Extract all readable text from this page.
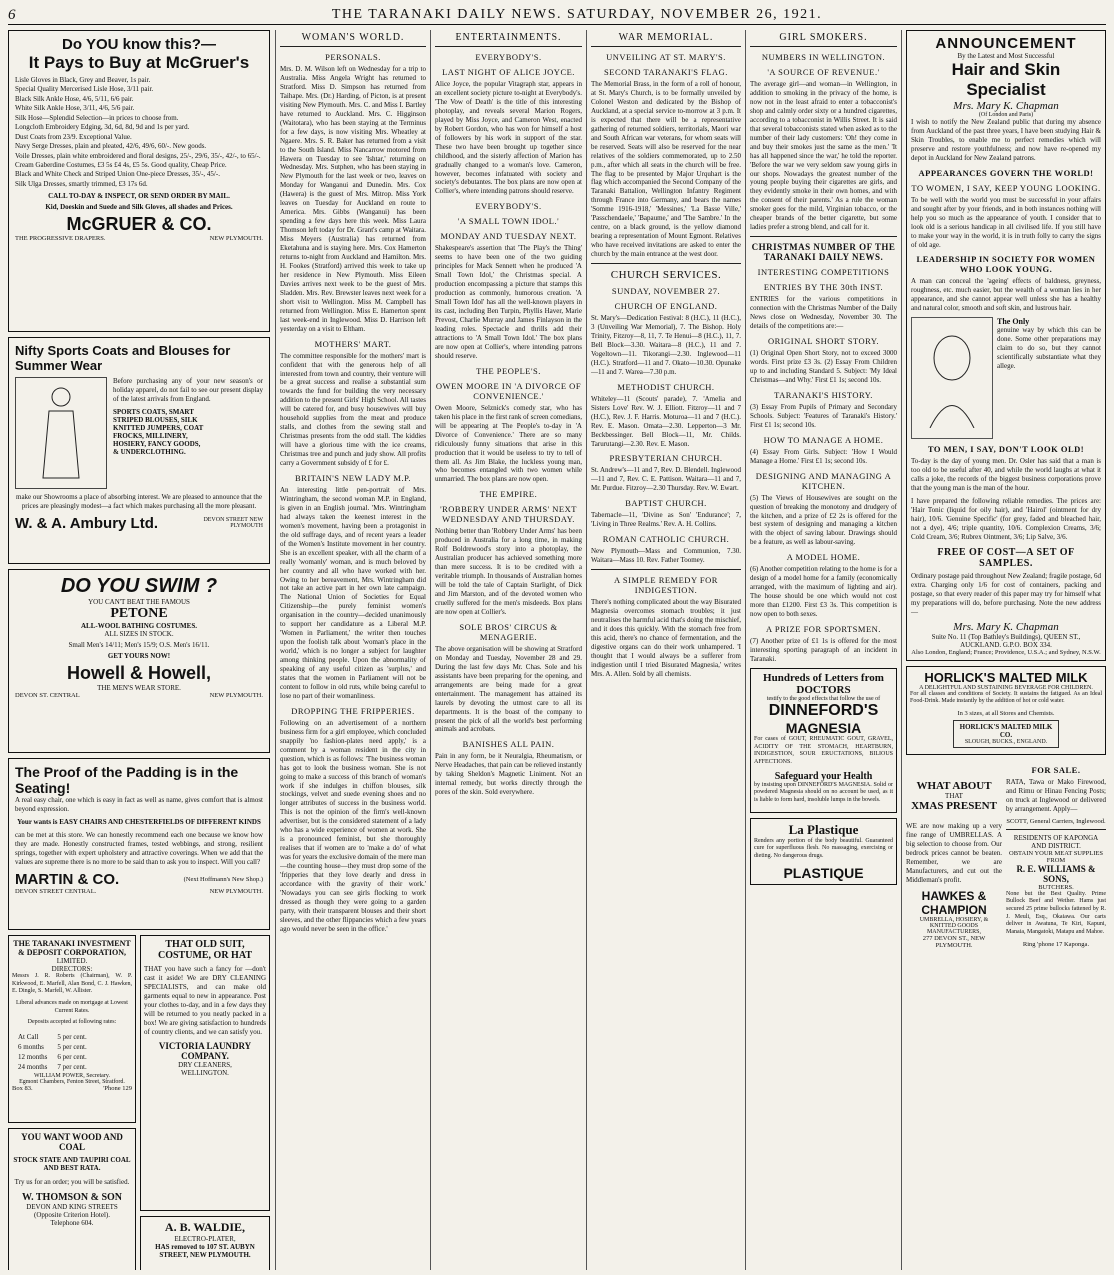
6	THE TARANAKI DAILY NEWS. SATURDAY, NOVEMBER 26, 1921.
Do YOU know this?—
It Pays to Buy at McGruer's
Lisle Gloves in Black, Grey and Beaver, 1s pair.
Special Quality Mercerised Lisle Hose, 3/11 pair.
Black Silk Ankle Hose, 4/6, 5/11, 6/6 pair.
White Silk Ankle Hose, 3/11, 4/6, 5/6 pair.
Silk Hose—Splendid Selection—in prices to choose from.
Longcloth Embroidery Edging, 3d, 6d, 8d, 9d and 1s per yard.
Dust Coats from 23/9. Exceptional Value.
Navy Serge Dresses, plain and pleated, 42/6, 49/6, 60/-. New goods.
Voile Dresses, plain white embroidered and floral designs, 25/-, 29/6, 35/-, 42/-, to 65/-.
Cream Gaberdine Costumes, £3 5s £4 4s, £5 5s. Good quality, Cheap Price.
Black and White Check and Striped Union One-piece Dresses, 35/-, 45/-.
Silk Ulga Dresses, smartly trimmed, £3 17s 6d.
CALL TO-DAY & INSPECT, OR SEND ORDER BY MAIL.
Kid, Doeskin and Suede and Silk Gloves, all shades and Prices.
McGRUER & CO.
THE PROGRESSIVE DRAPERS.	NEW PLYMOUTH.
Nifty Sports Coats and Blouses for Summer Wear

Before purchasing any of your new season's or holiday apparel, do not fail to see our present display of the latest arrivals from England.

SPORTS COATS, SMART
STRIPED BLOUSES, SILK
KNITTED JUMPERS, COAT
FROCKS, MILLINERY,
HOSIERY, FANCY GOODS,
& UNDERCLOTHING.

make our Showrooms a place of absorbing interest. We are pleased to announce that the prices are pleasingly modest—a fact which makes purchasing all the more pleasant.

W. & A. Ambury Ltd.	DEVON STREET NEW PLYMOUTH
DO YOU SWIM ?
YOU CAN'T BEAT THE FAMOUS
PETONE
ALL-WOOL BATHING COSTUMES.
ALL SIZES IN STOCK.
Small Men's 14/11; Men's 15/9; O.S. Men's 16/11.
GET YOURS NOW!
Howell & Howell,
THE MEN'S WEAR STORE.
DEVON ST. CENTRAL	NEW PLYMOUTH.
The Proof of the Padding is in the Seating!

A real easy chair, one which is easy in fact as well as name, gives comfort that is almost beyond expression.

Your wants is EASY CHAIRS AND CHESTERFIELDS OF DIFFERENT KINDS

can be met at this store. We can honestly recommend each one because we know how they are made. Honestly constructed frames, tested webbings, and strong, resilient springs, together with expert upholstery and attractive coverings. When we add that the values are supreme there is no more to be said than to ask you to inspect. Will you call?

MARTIN & CO.	(Next Hoffmann's New Shop.)
DEVON STREET CENTRAL.	NEW PLYMOUTH.
THE TARANAKI INVESTMENT & DEPOSIT CORPORATION,
LIMITED.
DIRECTORS:

Messrs J. R. Roberts (Chairman), W. P. Kirkwood, E. Marfell, Alan Bond, C. J. Hawken, E. Dingle, S. Marfell, W. Allister.

Liberal advances made on mortgage at Lowest Current Rates.

Deposits accepted at following rates:

At Call	5 per cent.
6 months	5 per cent.
12 months	6 per cent.
24 months	7 per cent.
WILLIAM POWER, Secretary.
Egmont Chambers, Fenton Street, Stratford.
Box 83.	'Phone 129
YOU WANT WOOD AND COAL
STOCK STATE AND TAUPIRI COAL AND BEST RATA.
Try us for an order; you will be satisfied.
W. THOMSON & SON
DEVON AND KING STREETS
(Opposite Criterion Hotel).
Telephone 604.
THAT OLD SUIT, COSTUME, OR HAT

THAT you have such a fancy for —don't cast it aside! We are DRY CLEANING SPECIALISTS, and can make old garments equal to new in appearance. Post your clothes to-day, and in a few days they will be returned to you neatly packed in a box! We are giving satisfaction to hundreds of country clients, and we can satisfy you.

VICTORIA LAUNDRY COMPANY.
DRY CLEANERS,
WELLINGTON.
A. B. WALDIE,
ELECTRO-PLATER,
HAS removed to 107 ST. AUBYN STREET, NEW PLYMOUTH.
WOMAN'S WORLD.
PERSONALS.

Mrs. D. M. Wilson left on Wednesday for a trip to Australia. Miss Angela Wright has returned to Stratford. Miss D. Simpson has returned from Taihape. Mrs. (Dr.) Harding, of Picton, is at present visiting New Plymouth. Mrs. C. and Miss I. Bartley have returned to Auckland. Mrs. C. Higginson (Waitotara), who has been staying at the Terminus for a few days, is now visiting Mrs. Wheatley at Ngaere. Mrs. S. R. Baker has returned from a visit to the South Island. Miss Nancarrow motored from Hawera on Tuesday to see 'Ishtar,' returning on Wednesday. Mrs. Sutphen, who has been staying in New Plymouth for the last week or two, leaves on Monday for Wanganui and Dunedin. Mrs. Cox (Hawera) is the guest of Mrs. Mitrop. Miss York leaves on Tuesday for Auckland en route to America. Mrs. Gibbs (Wanganui) has been spending a few days here this week. Miss Laura Thomson left today for Dr. Grant's camp at Waitara. Miss Meyers (Australia) has returned from Eketahuna and is staying here. Mrs. Cox Hamerton returns to-night from Auckland and Hamilton. Mrs. H. Fookes (Stratford) arrived this week to take up her residence in New Plymouth. Miss Eileen Davies arrives next week to be the guest of Mrs. Sladden. Mrs. Rev. Brewster leaves next week for a short visit to Wellington. Miss M. Campbell has returned from Wellington. Miss E. Hamerton spent last week-end in Inglewood. Miss D. Harrison left yesterday on a visit to Eltham.

MOTHERS' MART.

The committee responsible for the mothers' mart is confident that with the generous help of all interested from town and country, their venture will be a great success and realise a substantial sum towards the fund for building the very necessary addition to the present Girls' High School. All tastes will be catered for, and busy housewives will buy household supplies from the meat and produce stalls, and clothes from the sewing stall and Christmas presents from the odd stall. The kiddies will have a glorious time with the ice creams, Christmas tree and punch and judy show. All profits carry a Government subsidy of £ for £.

BRITAIN'S NEW LADY M.P.

An interesting little pen-portrait of Mrs. Wintringham, the second woman M.P. in England, is given in an English journal. 'Mrs. Wintringham had always taken the keenest interest in the women's movement, having been a protagonist in the old suffrage days, and of recent years a leader of the Women's Institute movement in her country. She is an excellent speaker, with all the charm of a really 'womanly' woman, and is much beloved by her country and all who have worked with her. Owing to her bereavement, Mrs. Wintringham did not take an active part in her own late campaign. The National Union of Societies for Equal Citizenship—the purely feminist women's organisation in the country—decided unanimously to support her candidature as a Liberal M.P. 'Women in Parliament,' the writer then touches upon the foolish talk about 'woman's place in the world,' which is no longer a subject for laughter among thinking people. Upon the abnormality of speaking of any useful citizen as 'surplus,' and states that the women in Parliament will not be content to follow in old ruts, while being careful to lose no part of their womanliness.

DROPPING THE FRIPPERIES.

Following on an advertisement of a northern business firm for a girl employee, which concluded snappily 'no fashion-plates need apply,' is a comment by a woman resident in the city in question, which is as follows: 'The business woman has got to look the business woman. She is not going to make a success of this branch of woman's work if she indulges in chiffon blouses, silk stockings, velvet and suede evening shoes and no longer attributes of success in the business world. This is not the opinion of the firm's well-known advertiser, but is the considered statement of a lady who has a wide experience of women at work. She is a pronounced feminist, but she thoroughly realises that if women are to 'make a do' of what was for years the exclusive domain of the mere man—the counting house—they must drop some of the 'fripperies that they love dearly and dress in accordance with the gravity of their work.' 'Nowadays you can see girls flocking to work dressed as though they were going to a garden party, with their transparent blouses and their short sleeves, and the other flippancies which a few years ago would never be seen in the office.'

ENTERTAINMENTS.
EVERYBODY'S.
LAST NIGHT OF ALICE JOYCE.

Alice Joyce, the popular Vitagraph star, appears in an excellent society picture to-night at Everybody's. 'The Vow of Death' is the title of this interesting photoplay, and reveals several Marion Rogers, played by Miss Joyce, and Cameron West, enacted by Robert Gordon, who has won for himself a host of followers by his work in support of the star. These two have been brought up together since childhood, and the sisterly affection of Marion has gradually changed to a woman's love. Cameron, however, becomes infatuated with society and society's debutantes. The box plans are now open at Collier's, where intending patrons should reserve.

EVERYBODY'S.
'A SMALL TOWN IDOL.'
MONDAY AND TUESDAY NEXT.

Shakespeare's assertion that 'The Play's the Thing' seems to have been one of the two guiding principles for Mack Sennett when he produced 'A Small Town Idol,' the Christmas special. A production encompassing a picture that stamps this production as commonly, humorous creation. 'A Small Town Idol' has all the well-known players in its cast, including Ben Turpin, Phyllis Haver, Marie Prevost, Charlie Murray and James Finlayson in the leading roles. Spectacle and thrills add their attractions to 'A Small Town Idol.' The box plans are now open at Collier's, where intending patrons should reserve.

THE PEOPLE'S.
OWEN MOORE IN 'A DIVORCE OF CONVENIENCE.'

Owen Moore, Selznick's comedy star, who has taken his place in the first rank of screen comedians, will be appearing at The People's to-day in 'A Divorce of Convenience.' There are so many ridiculously funny situations that arise in this production that it would be useless to try to tell of them all. As Jim Blake, the luckless young man, who becomes entangled with two women while unmarried. The box plans are now open.

THE EMPIRE.
'ROBBERY UNDER ARMS' NEXT WEDNESDAY AND THURSDAY.

Nothing better than 'Robbery Under Arms' has been produced in Australia for a long time, in making Rolf Boldrewood's story into a photoplay, the Australian producer has achieved something more than mere success. It is to be credited with a veritable triumph. In thousands of Australian homes will be told the tale of Captain Starlight, of Dick and Jim Marston, and of the devoted women who cruelly suffered for the men's misdeeds. Box plans are now open at Collier's.

SOLE BROS' CIRCUS & MENAGERIE.

The above organisation will be showing at Stratford on Monday and Tuesday, November 28 and 29. During the last few days Mr. Chas. Sole and his assistants have been preparing for the opening, and arrangements are being made for a great entertainment. The management has attained its laurels by devoting the utmost care to all its departments. It is the boast of the company to present the pick of all the world's best performing animals and acrobats.

BANISHES ALL PAIN.

Pain in any form, be it Neuralgia, Rheumatism, or Nerve Headaches, that pain can be relieved instantly by taking Sheldon's Magnetic Liniment. Not an internal remedy, but works directly through the pores of the skin. Sold everywhere.

WAR MEMORIAL.
UNVEILING AT ST. MARY'S.
SECOND TARANAKI'S FLAG.

The Memorial Brass, in the form of a roll of honour, at St. Mary's Church, is to be formally unveiled by Colonel Weston and dedicated by the Bishop of Auckland, at a special service to-morrow at 3 p.m. It is expected that there will be a representative gathering of returned soldiers, territorials, Maori war and South African war veterans, for whom seats will be reserved. Seats will also be reserved for the near relatives of the soldiers commemorated, up to 2.50 p.m., after which all seats in the church will be free. The flag to be presented by Major Urquhart is the flag which accompanied the Second Company of the Taranaki Battalion, Wellington Infantry Regiment through France into Germany, and bears the names 'Somme 1916-1918,' 'Messines,' 'La Basse Ville,' 'Passchendaele,' 'Bapaume,' and 'The Sambre.' In the centre, on a black ground, is the yellow diamond bearing a representation of Mount Egmont. Relatives who have received invitations are asked to enter the church by the main entrance at the west door.

CHURCH SERVICES.
SUNDAY, NOVEMBER 27.
CHURCH OF ENGLAND.

St. Mary's—Dedication Festival: 8 (H.C.), 11 (H.C.), 3 (Unveiling War Memorial), 7. The Bishop. Holy Trinity, Fitzroy—8, 11, 7. Te Henui—8 (H.C.), 11, 7. Bell Block—3.30. Waitara—8 (H.C.), 11 and 7. Vogeltown—11. Tikorangi—2.30. Inglewood—11 (H.C.). Stratford—11 and 7. Okato—10.30. Opunake—11 and 7. Warea—7.30 p.m.

METHODIST CHURCH.

Whiteley—11 (Scouts' parade), 7. 'Amelia and Sisters Love' Rev. W. J. Elliott. Fitzroy—11 and 7 (H.C.), Rev. J. F. Harris. Moturoa—11 and 7 (H.C.). Rev. E. Mason. Omata—2.30. Lepperton—3 Mr. Beckbessinger. Bell Block—11, Mr. Childs. Tarurutangi—2.30. Rev. E. Mason.

PRESBYTERIAN CHURCH.

St. Andrew's—11 and 7, Rev. D. Blendell. Inglewood—11 and 7, Rev. C. E. Pattison. Waitara—11 and 7, Mr. Purdue. Fitzroy—2.30 Thursday. Rev. W. Ewart.

BAPTIST CHURCH.

Tabernacle—11, 'Divine as Son' 'Endurance'; 7, 'Living in Three Realms.' Rev. A. H. Collins.

ROMAN CATHOLIC CHURCH.

New Plymouth—Mass and Communion, 7.30. Waitara—Mass 10. Rev. Father Toomey.

A SIMPLE REMEDY FOR INDIGESTION.

There's nothing complicated about the way Bisurated Magnesia overcomes stomach troubles; it just neutralises the harmful acid that's doing the mischief, and it does this quickly. With the stomach free from this acid, there's no chance of fermentation, and the digestive organs can do their work unhampered. 'I thought that I would always be a sufferer from indigestion until I tried Bisurated Magnesia,' writes Mrs. A. Allen. Sold by all chemists.

GIRL SMOKERS.
NUMBERS IN WELLINGTON.
'A SOURCE OF REVENUE.'

The average girl—and woman—in Wellington, in addition to smoking in the privacy of the home, is now not in the least afraid to enter a tobacconist's shop and calmly order sixty or a hundred cigarettes, according to a tobacconist in Willis Street. It is said that several tobacconists stated when asked as to the number of their lady customers: 'Oh! they come in and buy their smokes just the same as the men.' 'It has all happened since the war,' he told the reporter. 'Before the war we very seldom saw young girls in our shops. Nowadays the greatest number of the young people buying their cigarettes are girls, and they evidently smoke in their own homes, and with the consent of their parents.' As a rule the woman smoker goes for the mild, Virginian tobacco, or the cheaper brands of the better cigarette, but some ladies prefer a strong blend, and call for it.

CHRISTMAS NUMBER OF THE TARANAKI DAILY NEWS.
INTERESTING COMPETITIONS
ENTRIES BY THE 30th INST.

ENTRIES for the various competitions in connection with the Christmas Number of the Daily News close on Wednesday, November 30. The details of the competitions are:—

ORIGINAL SHORT STORY.

(1) Original Open Short Story, not to exceed 3000 words. First prize £3 3s. (2) Essay From Children up to and including Standard 5. Subject: 'My Ideal Christmas—and Why.' First £1 1s; second 10s.

TARANAKI'S HISTORY.

(3) Essay From Pupils of Primary and Secondary Schools. Subject: 'Features of Taranaki's History.' First £1 1s; second 10s.

HOW TO MANAGE A HOME.

(4) Essay From Girls. Subject: 'How I Would Manage a Home.' First £1 1s; second 10s.

DESIGNING AND MANAGING A KITCHEN.

(5) The Views of Housewives are sought on the question of breaking the monotony and drudgery of the kitchen, and a prize of £2 2s is offered for the best system of designing and managing a kitchen with the object of saving labour. Drawings should be a feature, as well as labour-saving.

A MODEL HOME.

(6) Another competition relating to the home is for a design of a model home for a family (economically arranged, with the maximum of lighting and air). The house should be one which would not cost more than £1200. First £3 3s. This competition is now open to both sexes.

A PRIZE FOR SPORTSMEN.

(7) Another prize of £1 1s is offered for the most interesting sporting paragraph of an incident in Taranaki.

Hundreds of Letters from DOCTORS
testify to the good effects that follow the use of
DINNEFORD'S
MAGNESIA

For cases of GOUT, RHEUMATIC GOUT, GRAVEL, ACIDITY OF THE STOMACH, HEARTBURN, INDIGESTION, SOUR ERUCTATIONS, BILIOUS AFFECTIONS.

Safeguard your Health

by insisting upon DINNEFORD'S MAGNESIA. Solid or powdered Magnesia should on no account be used, as it is liable to form hard, insoluble lumps in the bowels.

La Plastique

Renders any portion of the body beautiful. Guaranteed cure for superfluous flesh. No massaging, exercising or dieting. No dangerous drugs.

PLASTIQUE
ANNOUNCEMENT
By the Latest and Most Successful
Hair and Skin Specialist
Mrs. Mary K. Chapman
(Of London and Paris)

I wish to notify the New Zealand public that during my absence from Auckland of the past three years, I have been studying Hair & Skin Troubles, to enable me to perfect remedies which will preserve and restore youthfulness; and now have re-opened my depot in Auckland for New Zealand patrons.

APPEARANCES GOVERN THE WORLD!
TO WOMEN, I SAY, KEEP YOUNG LOOKING.

To be well with the world you must be successful in your affairs and sought after by your friends, and in both instances nothing will help you so much as the appearance of youth. I consider that to look old is a serious handicap in all civilised life. If you still have to make your way in the world, it is in truth folly to carry the signs of old age.

LEADERSHIP IN SOCIETY FOR WOMEN WHO LOOK YOUNG.

A man can conceal the 'ageing' effects of baldness, greyness, roughness, etc. much easier, but the wealth of a woman lies in her appearance, and she cannot appear well unless she has a healthy and natural color, smooth and soft skin, and lustrous hair.

The Only

genuine way by which this can be done. Some other preparations may claim to do so, but they cannot scientifically substantiate what they allege.

TO MEN, I SAY, DON'T LOOK OLD!

To-day is the day of young men. Dr. Osler has said that a man is too old to be useful after 40, and while the world laughs at what it calls a joke, the records of the biggest business corporations prove that the young man is the man of the hour.

I have prepared the following reliable remedies. The prices are: 'Hair Tonic (liquid for oily hair), and 'Hairol' (ointment for dry hair), 10/6. 'Genuine Specific' (for grey, faded and bleached hair, not a dye), 4/6; triple quantity, 10/6. Complexion Creams, 3/6; Cold Cream, 3/6; Rubrex Ointment, 3/6; Lip Salve, 3/6.

FREE OF COST—A SET OF SAMPLES.

Ordinary postage paid throughout New Zealand; fragile postage, 6d extra. Charging only 1/6 for cost of containers, packing and postage, so that every reader of this paper may try for himself what my preparations will do, before purchasing. Note the new address—

Mrs. Mary K. Chapman
Suite No. 11 (Top Bathley's Buildings), QUEEN ST., AUCKLAND. G.P.O. BOX 334.
Also London, England; France; Providence, U.S.A.; and Sydney, N.S.W.
HORLICK'S MALTED MILK
A DELIGHTFUL AND SUSTAINING BEVERAGE FOR CHILDREN.

For all classes and conditions of Society. It sustains the fatigued. As an Ideal Food-Drink. Made instantly by the addition of hot or cold water.

In 3 sizes, at all Stores and Chemists.
HORLICK'S MALTED MILK CO.
SLOUGH, BUCKS., ENGLAND.
WHAT ABOUT
THAT
XMAS PRESENT

WE are now making up a very fine range of UMBRELLAS. A big selection to choose from. Our bedrock prices cannot be beaten. Remember, we are Manufacturers, and cut out the Middleman's profit.

HAWKES & CHAMPION
UMBRELLA, HOSIERY, & KNITTED GOODS MANUFACTURERS,
277 DEVON ST., NEW PLYMOUTH.
FOR SALE.

RATA, Tawa or Mako Firewood, and Rimu or Hinau Fencing Posts; on truck at Inglewood or delivered by arrangement. Apply—

SCOTT, General Carriers, Inglewood.
RESIDENTS OF KAPONGA AND DISTRICT.
OBTAIN YOUR MEAT SUPPLIES FROM
R. E. WILLIAMS & SONS,
BUTCHERS.

None but the Best Quality. Prime Bullock Beef and Wether. Hams just secured 25 prime bullocks fattened by R. J. Meuli, Esq., Okaiawa. Our carts deliver in Awatuna, Te Kiri, Kapuni, Manaia, Mangatoki, Matapu and Mahoe.

Ring 'phone 17 Kaponga.
